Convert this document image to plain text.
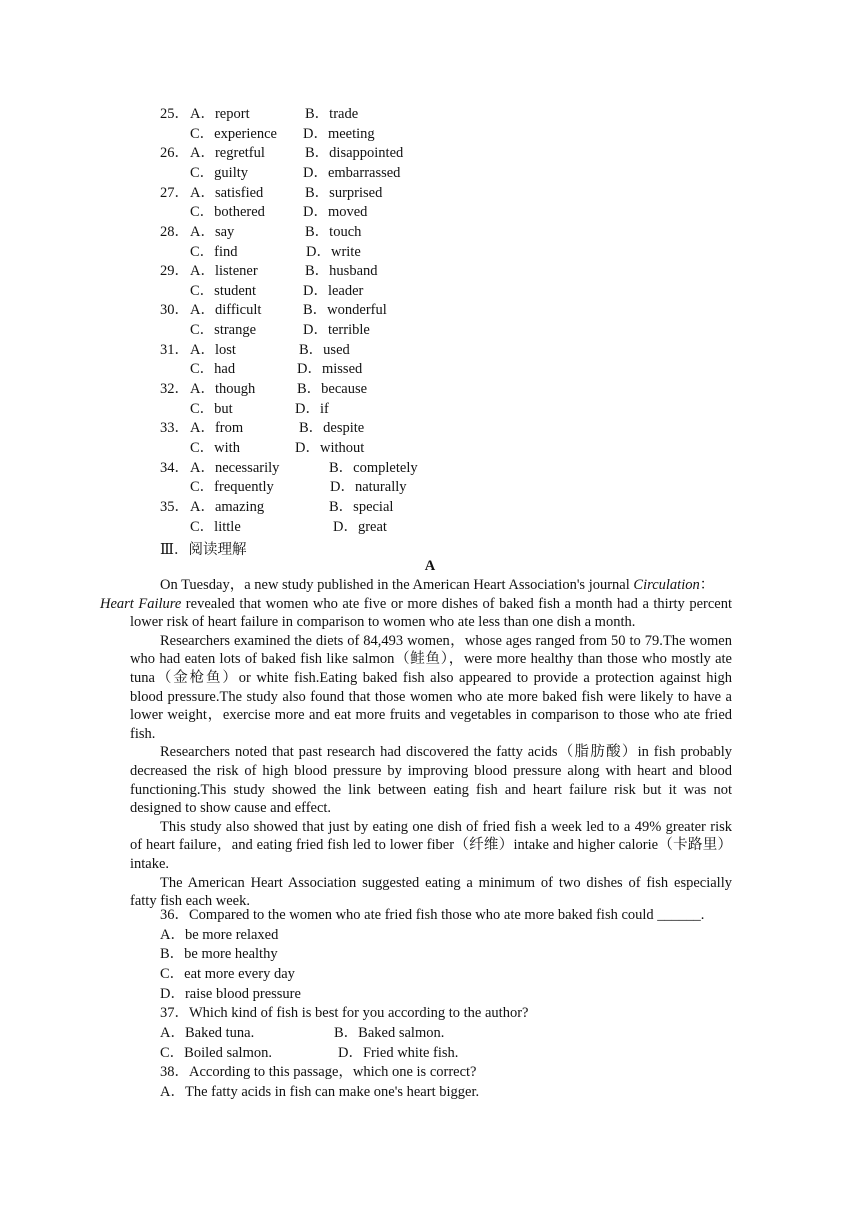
25． A．report	B．trade
C．experience D．meeting
26． A．regretful	B．disappointed
C．guilty	D．embarrassed
27． A．satisfied	B．surprised
C．bothered	D．moved
28． A．say	B．touch
C．find	D．write
29． A．listener	B．husband
C．student	D．leader
30． A．difficult	B．wonderful
C．strange	D．terrible
31． A．lost	B．used
C．had	D．missed
32． A．though	B．because
C．but	D．if
33． A．from	B．despite
C．with	D．without
34． A．necessarily	B．completely
C．frequently	D．naturally
35． A．amazing	B．special
C．little	D．great
Ⅲ．阅读理解
A

On Tuesday，a new study published in the American Heart Association's journal Circulation：
Heart Failure revealed that women who ate five or more dishes of baked fish a month had a thirty percent lower risk of heart failure in comparison to women who ate less than one dish a month.

Researchers examined the diets of 84,493 women，whose ages ranged from 50 to 79.The women who had eaten lots of baked fish like salmon（鲑鱼），were more healthy than those who mostly ate tuna（金枪鱼）or white fish.Eating baked fish also appeared to provide a protection against high blood pressure.The study also found that those women who ate more baked fish were likely to have a lower weight，exercise more and eat more fruits and vegetables in comparison to those who ate fried fish.

Researchers noted that past research had discovered the fatty acids（脂肪酸）in fish probably decreased the risk of high blood pressure by improving blood pressure along with heart and blood functioning.This study showed the link between eating fish and heart failure risk but it was not designed to show cause and effect.

This study also showed that just by eating one dish of fried fish a week led to a 49% greater risk of heart failure，and eating fried fish led to lower fiber（纤维）intake and higher calorie（卡路里）intake.

The American Heart Association suggested eating a minimum of two dishes of fish especially fatty fish each week.

36．Compared to the women who ate fried fish those who ate more baked fish could ______.
A．be more relaxed
B．be more healthy
C．eat more every day
D．raise blood pressure
37．Which kind of fish is best for you according to the author?
A．Baked tuna.	B．Baked salmon.
C．Boiled salmon.	D．Fried white fish.
38．According to this passage，which one is correct?
A．The fatty acids in fish can make one's heart bigger.
